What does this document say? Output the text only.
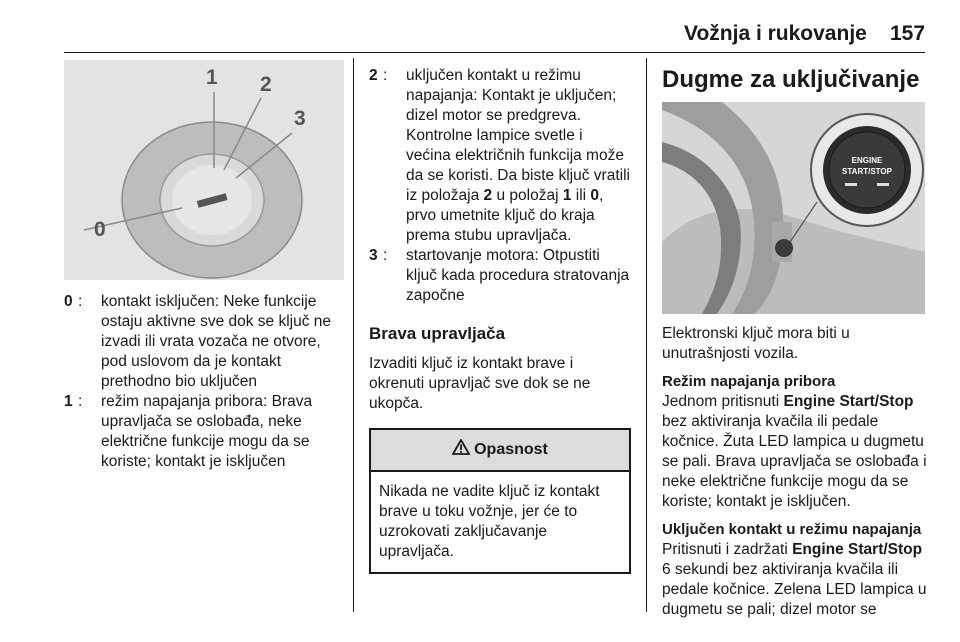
Vožnja i rukovanje 157
0
1 2
3
0 :	kontakt isključen: Neke funkcije ostaju aktivne sve dok se ključ ne izvadi ili vrata vozača ne otvore, pod uslovom da je kontakt prethodno bio uključen
1 :	režim napajanja pribora: Brava upravljača se oslobađa, neke električne funkcije mogu da se koriste; kontakt je isključen
2 :	uključen kontakt u režimu napajanja: Kontakt je uključen; dizel motor se predgreva. Kontrolne lampice svetle i većina električnih funkcija može da se koristi. Da biste ključ vratili iz položaja 2 u položaj 1 ili 0, prvo umetnite ključ do kraja prema stubu upravljača.
3 :	startovanje motora: Otpustiti ključ kada procedura stratovanja započne
Brava upravljača

Izvaditi ključ iz kontakt brave i okrenuti upravljač sve dok se ne ukopča.

Opasnost
Nikada ne vadite ključ iz kontakt brave u toku vožnje, jer će to uzrokovati zaključavanje upravljača.
Dugme za uključivanje
ENGINE
START/STOP

Elektronski ključ mora biti u unutrašnjosti vozila.

Režim napajanja pribora

Jednom pritisnuti Engine Start/Stop bez aktiviranja kvačila ili pedale kočnice. Žuta LED lampica u dugmetu se pali. Brava upravljača se oslobađa i neke električne funkcije mogu da se koriste; kontakt je isključen.

Uključen kontakt u režimu napajanja

Pritisnuti i zadržati Engine Start/Stop 6 sekundi bez aktiviranja kvačila ili pedale kočnice. Zelena LED lampica u dugmetu se pali; dizel motor se
